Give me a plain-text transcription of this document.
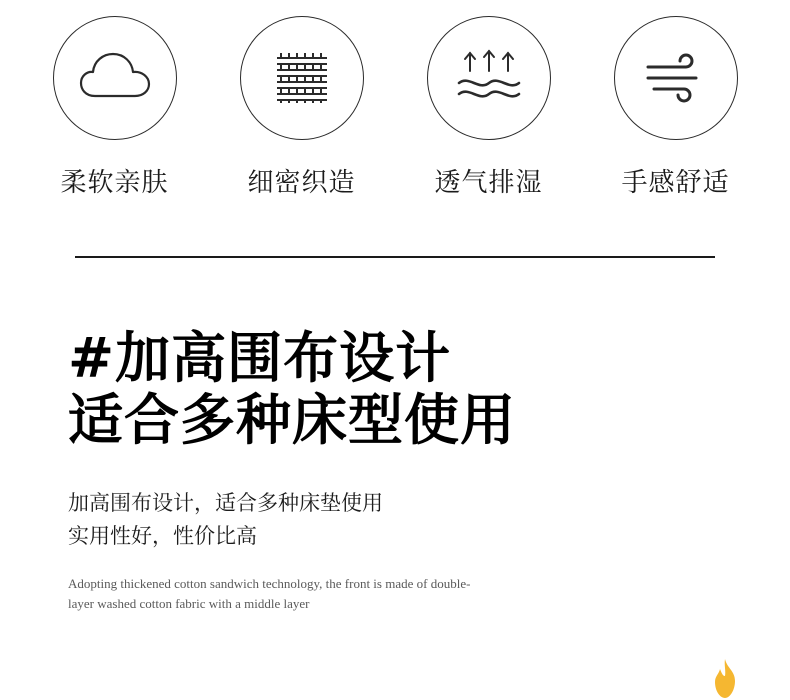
柔软亲肤	细密织造	透气排湿	手感舒适
#加高围布设计
适合多种床型使用
加高围布设计，适合多种床垫使用
实用性好，性价比高
Adopting thickened cotton sandwich technology, the front is made of double-layer washed cotton fabric with a middle layer
